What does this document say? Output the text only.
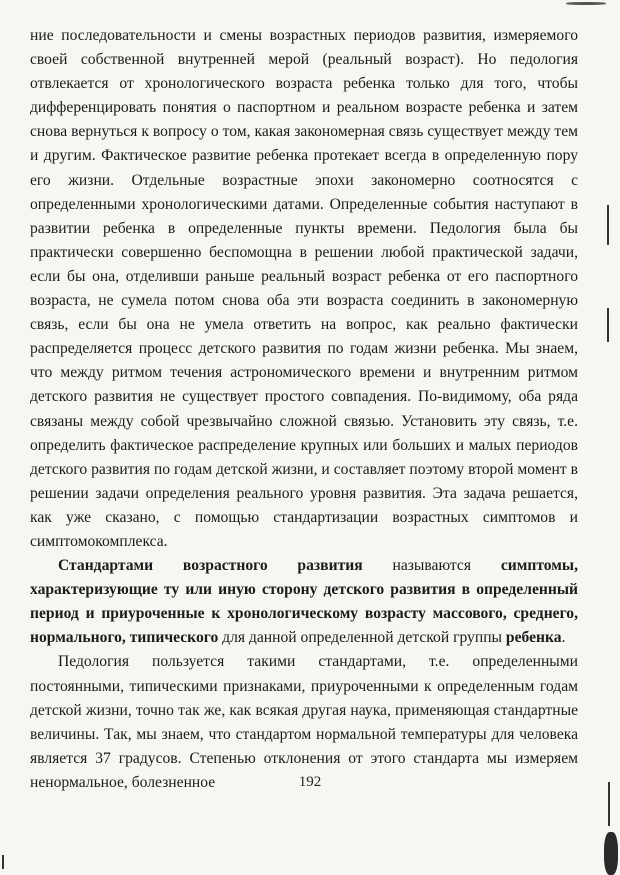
ние последовательности и смены возрастных периодов развития, измеряемого своей собственной внутренней мерой (реальный возраст). Но педология отвлекается от хронологического возраста ребенка только для того, чтобы дифференцировать понятия о паспортном и реальном возрасте ребенка и затем снова вернуться к вопросу о том, какая закономерная связь существует между тем и другим. Фактическое развитие ребенка протекает всегда в определенную пору его жизни. Отдельные возрастные эпохи закономерно соотносятся с определенными хронологическими датами. Определенные события наступают в развитии ребенка в определенные пункты времени. Педология была бы практически совершенно беспомощна в решении любой практической задачи, если бы она, отделивши раньше реальный возраст ребенка от его паспортного возраста, не сумела потом снова оба эти возраста соединить в закономерную связь, если бы она не умела ответить на вопрос, как реально фактически распределяется процесс детского развития по годам жизни ребенка. Мы знаем, что между ритмом течения астрономического времени и внутренним ритмом детского развития не существует простого совпадения. По-видимому, оба ряда связаны между собой чрезвычайно сложной связью. Установить эту связь, т.е. определить фактическое распределение крупных или больших и малых периодов детского развития по годам детской жизни, и составляет поэтому второй момент в решении задачи определения реального уровня развития. Эта задача решается, как уже сказано, с помощью стандартизации возрастных симптомов и симптомокомплекса.

Стандартами возрастного развития называются симптомы, характеризующие ту или иную сторону детского развития в определенный период и приуроченные к хронологическому возрасту массового, среднего, нормального, типического для данной определенной детской группы ребенка.

Педология пользуется такими стандартами, т.е. определенными постоянными, типическими признаками, приуроченными к определенным годам детской жизни, точно так же, как всякая другая наука, применяющая стандартные величины. Так, мы знаем, что стандартом нормальной температуры для человека является 37 градусов. Степенью отклонения от этого стандарта мы измеряем ненормальное, болезненное	192
